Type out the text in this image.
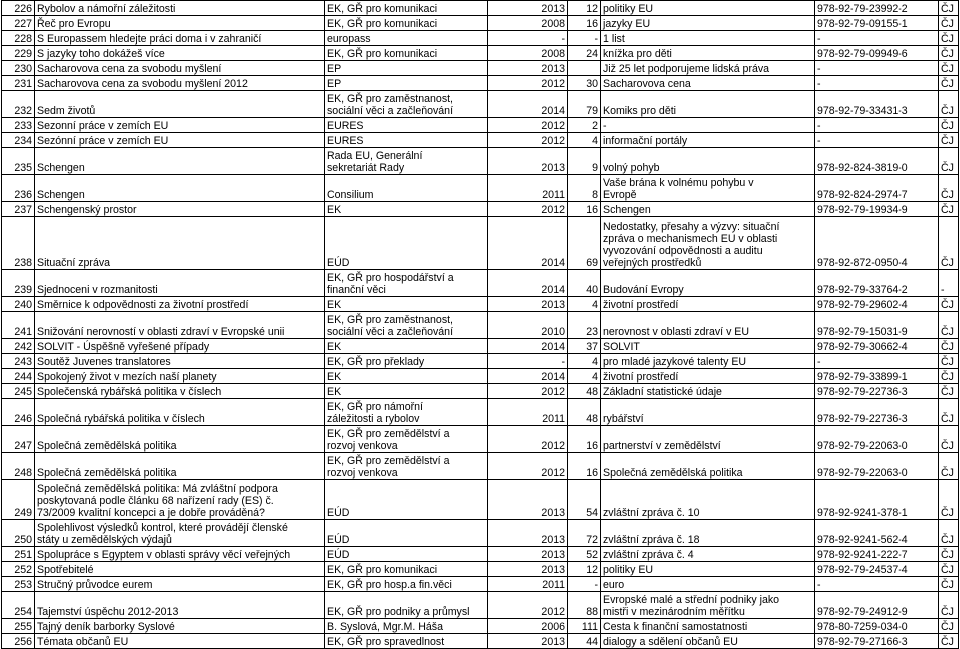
226	Rybolov a námořní záležitosti	EK, GŘ pro komunikaci	2013	12	politiky EU	978-92-79-23992-2	ČJ
227	Řeč pro Evropu	EK, GŘ pro komunikaci	2008	16	jazyky EU	978-92-79-09155-1	ČJ
228	S Europassem hledejte práci doma i v zahraničí	europass	-	-	1 list	-	ČJ
229	S jazyky toho dokážeš více	EK, GŘ pro komunikaci	2008	24	knížka pro děti	978-92-79-09949-6	ČJ
230	Sacharovova cena za svobodu myšlení	EP	2013		Již 25 let podporujeme lidská práva	-	ČJ
231	Sacharovova cena za svobodu myšlení 2012	EP	2012	30	Sacharovova cena	-	ČJ
232	Sedm životů	EK, GŘ pro zaměstnanost,
sociální věci a začleňování	2014	79	Komiks pro děti	978-92-79-33431-3	ČJ
233	Sezonní práce v zemích EU	EURES	2012	2	-	-	ČJ
234	Sezónní práce v zemích EU	EURES	2012	4	informační portály	-	ČJ
235	Schengen	Rada EU, Generální
sekretariát Rady	2013	9	volný pohyb	978-92-824-3819-0	ČJ
236	Schengen	Consilium	2011	8	Vaše brána k volnému pohybu v
Evropě	978-92-824-2974-7	ČJ
237	Schengenský prostor	EK	2012	16	Schengen	978-92-79-19934-9	ČJ
238	Situační zpráva	EÚD	2014	69	Nedostatky, přesahy a výzvy: situační
zpráva o mechanismech EU v oblasti
vyvozování odpovědnosti a auditu
veřejných prostředků	978-92-872-0950-4	ČJ
239	Sjednoceni v rozmanitosti	EK, GŘ pro hospodářství a
finanční věci	2014	40	Budování Evropy	978-92-79-33764-2	-
240	Směrnice k odpovědnosti za životní prostředí	EK	2013	4	životní prostředí	978-92-79-29602-4	ČJ
241	Snižování nerovností v oblasti zdraví v Evropské unii	EK, GŘ pro zaměstnanost,
sociální věci a začleňování	2010	23	nerovnost v oblasti zdraví v EU	978-92-79-15031-9	ČJ
242	SOLVIT - Úspěšně vyřešené případy	EK	2014	37	SOLVIT	978-92-79-30662-4	ČJ
243	Soutěž Juvenes translatores	EK, GŘ pro překlady	-	4	pro mladé jazykové talenty EU	-	ČJ
244	Spokojený život v mezích naší planety	EK	2014	4	životní prostředí	978-92-79-33899-1	ČJ
245	Společenská rybářská politika v číslech	EK	2012	48	Základní statistické údaje	978-92-79-22736-3	ČJ
246	Společná rybářská politika v číslech	EK, GŘ pro námořní
záležitosti a rybolov	2011	48	rybářství	978-92-79-22736-3	ČJ
247	Společná zemědělská politika	EK, GŘ pro zemědělství a
rozvoj venkova	2012	16	partnerství v zemědělství	978-92-79-22063-0	ČJ
248	Společná zemědělská politika	EK, GŘ pro zemědělství a
rozvoj venkova	2012	16	Společná zemědělská politika	978-92-79-22063-0	ČJ
249	Společná zemědělská politika: Má zvláštní podpora
poskytovaná podle článku 68 nařízení rady (ES) č.
73/2009 kvalitní koncepci a je dobře prováděná?	EÚD	2013	54	zvláštní zpráva č. 10	978-92-9241-378-1	ČJ
250	Spolehlivost výsledků kontrol, které provádějí členské
státy u zemědělských výdajů	EÚD	2013	72	zvláštní zpráva č. 18	978-92-9241-562-4	ČJ
251	Spolupráce s Egyptem v oblasti správy věcí veřejných	EÚD	2013	52	zvláštní zpráva č. 4	978-92-9241-222-7	ČJ
252	Spotřebitelé	EK, GŘ pro komunikaci	2013	12	politiky EU	978-92-79-24537-4	ČJ
253	Stručný průvodce eurem	EK, GŘ pro hosp.a fin.věci	2011	-	euro	-	ČJ
254	Tajemství úspěchu 2012-2013	EK, GŘ pro podniky a průmysl	2012	88	Evropské malé a střední podniky jako
mistři v mezinárodním měřítku	978-92-79-24912-9	ČJ
255	Tajný deník barborky Syslové	B. Syslová, Mgr.M. Háša	2006	111	Cesta k finanční samostatnosti	978-80-7259-034-0	ČJ
256	Témata občanů EU	EK, GŘ pro spravedlnost	2013	44	dialogy a sdělení občanů EU	978-92-79-27166-3	ČJ
